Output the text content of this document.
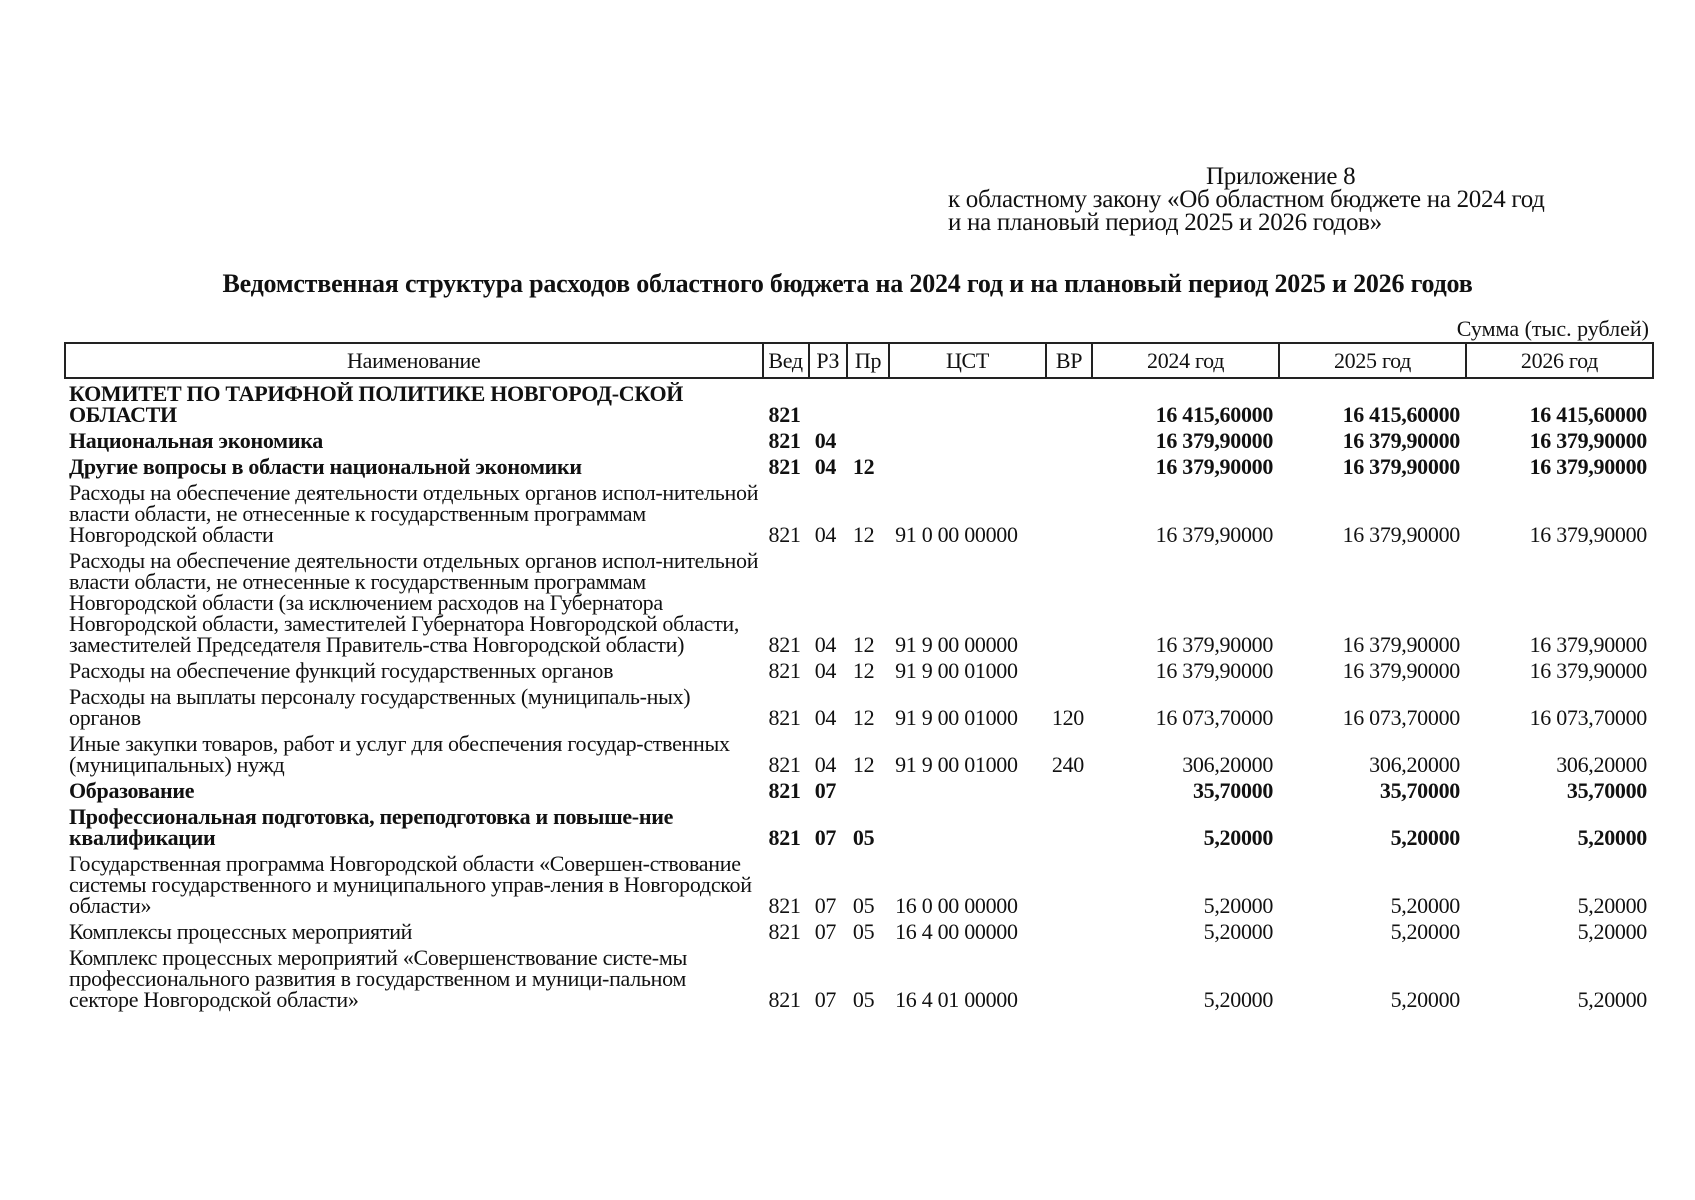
Приложение 8
к областному закону «Об областном бюджете на 2024 год
и на плановый период 2025 и 2026 годов»
Ведомственная структура расходов областного бюджета на 2024 год и на плановый период 2025 и 2026 годов
Сумма (тыс. рублей)
Наименование	Вед	РЗ	Пр	ЦСТ	ВР	2024 год	2025 год	2026 год
КОМИТЕТ ПО ТАРИФНОЙ ПОЛИТИКЕ НОВГОРОД-СКОЙ ОБЛАСТИ	821					16 415,60000	16 415,60000	16 415,60000
Национальная экономика	821	04				16 379,90000	16 379,90000	16 379,90000
Другие вопросы в области национальной экономики	821	04	12			16 379,90000	16 379,90000	16 379,90000
Расходы на обеспечение деятельности отдельных органов испол-нительной власти области, не отнесенные к государственным программам Новгородской области	821	04	12	91 0 00 00000		16 379,90000	16 379,90000	16 379,90000
Расходы на обеспечение деятельности отдельных органов испол-нительной власти области, не отнесенные к государственным программам Новгородской области (за исключением расходов на Губернатора Новгородской области, заместителей Губернатора Новгородской области, заместителей Председателя Правитель-ства Новгородской области)	821	04	12	91 9 00 00000		16 379,90000	16 379,90000	16 379,90000
Расходы на обеспечение функций государственных органов	821	04	12	91 9 00 01000		16 379,90000	16 379,90000	16 379,90000
Расходы на выплаты персоналу государственных (муниципаль-ных) органов	821	04	12	91 9 00 01000	120	16 073,70000	16 073,70000	16 073,70000
Иные закупки товаров, работ и услуг для обеспечения государ-ственных (муниципальных) нужд	821	04	12	91 9 00 01000	240	306,20000	306,20000	306,20000
Образование	821	07				35,70000	35,70000	35,70000
Профессиональная подготовка, переподготовка и повыше-ние квалификации	821	07	05			5,20000	5,20000	5,20000
Государственная программа Новгородской области «Совершен-ствование системы государственного и муниципального управ-ления в Новгородской области»	821	07	05	16 0 00 00000		5,20000	5,20000	5,20000
Комплексы процессных мероприятий	821	07	05	16 4 00 00000		5,20000	5,20000	5,20000
Комплекс процессных мероприятий «Совершенствование систе-мы профессионального развития в государственном и муници-пальном секторе Новгородской области»	821	07	05	16 4 01 00000		5,20000	5,20000	5,20000
